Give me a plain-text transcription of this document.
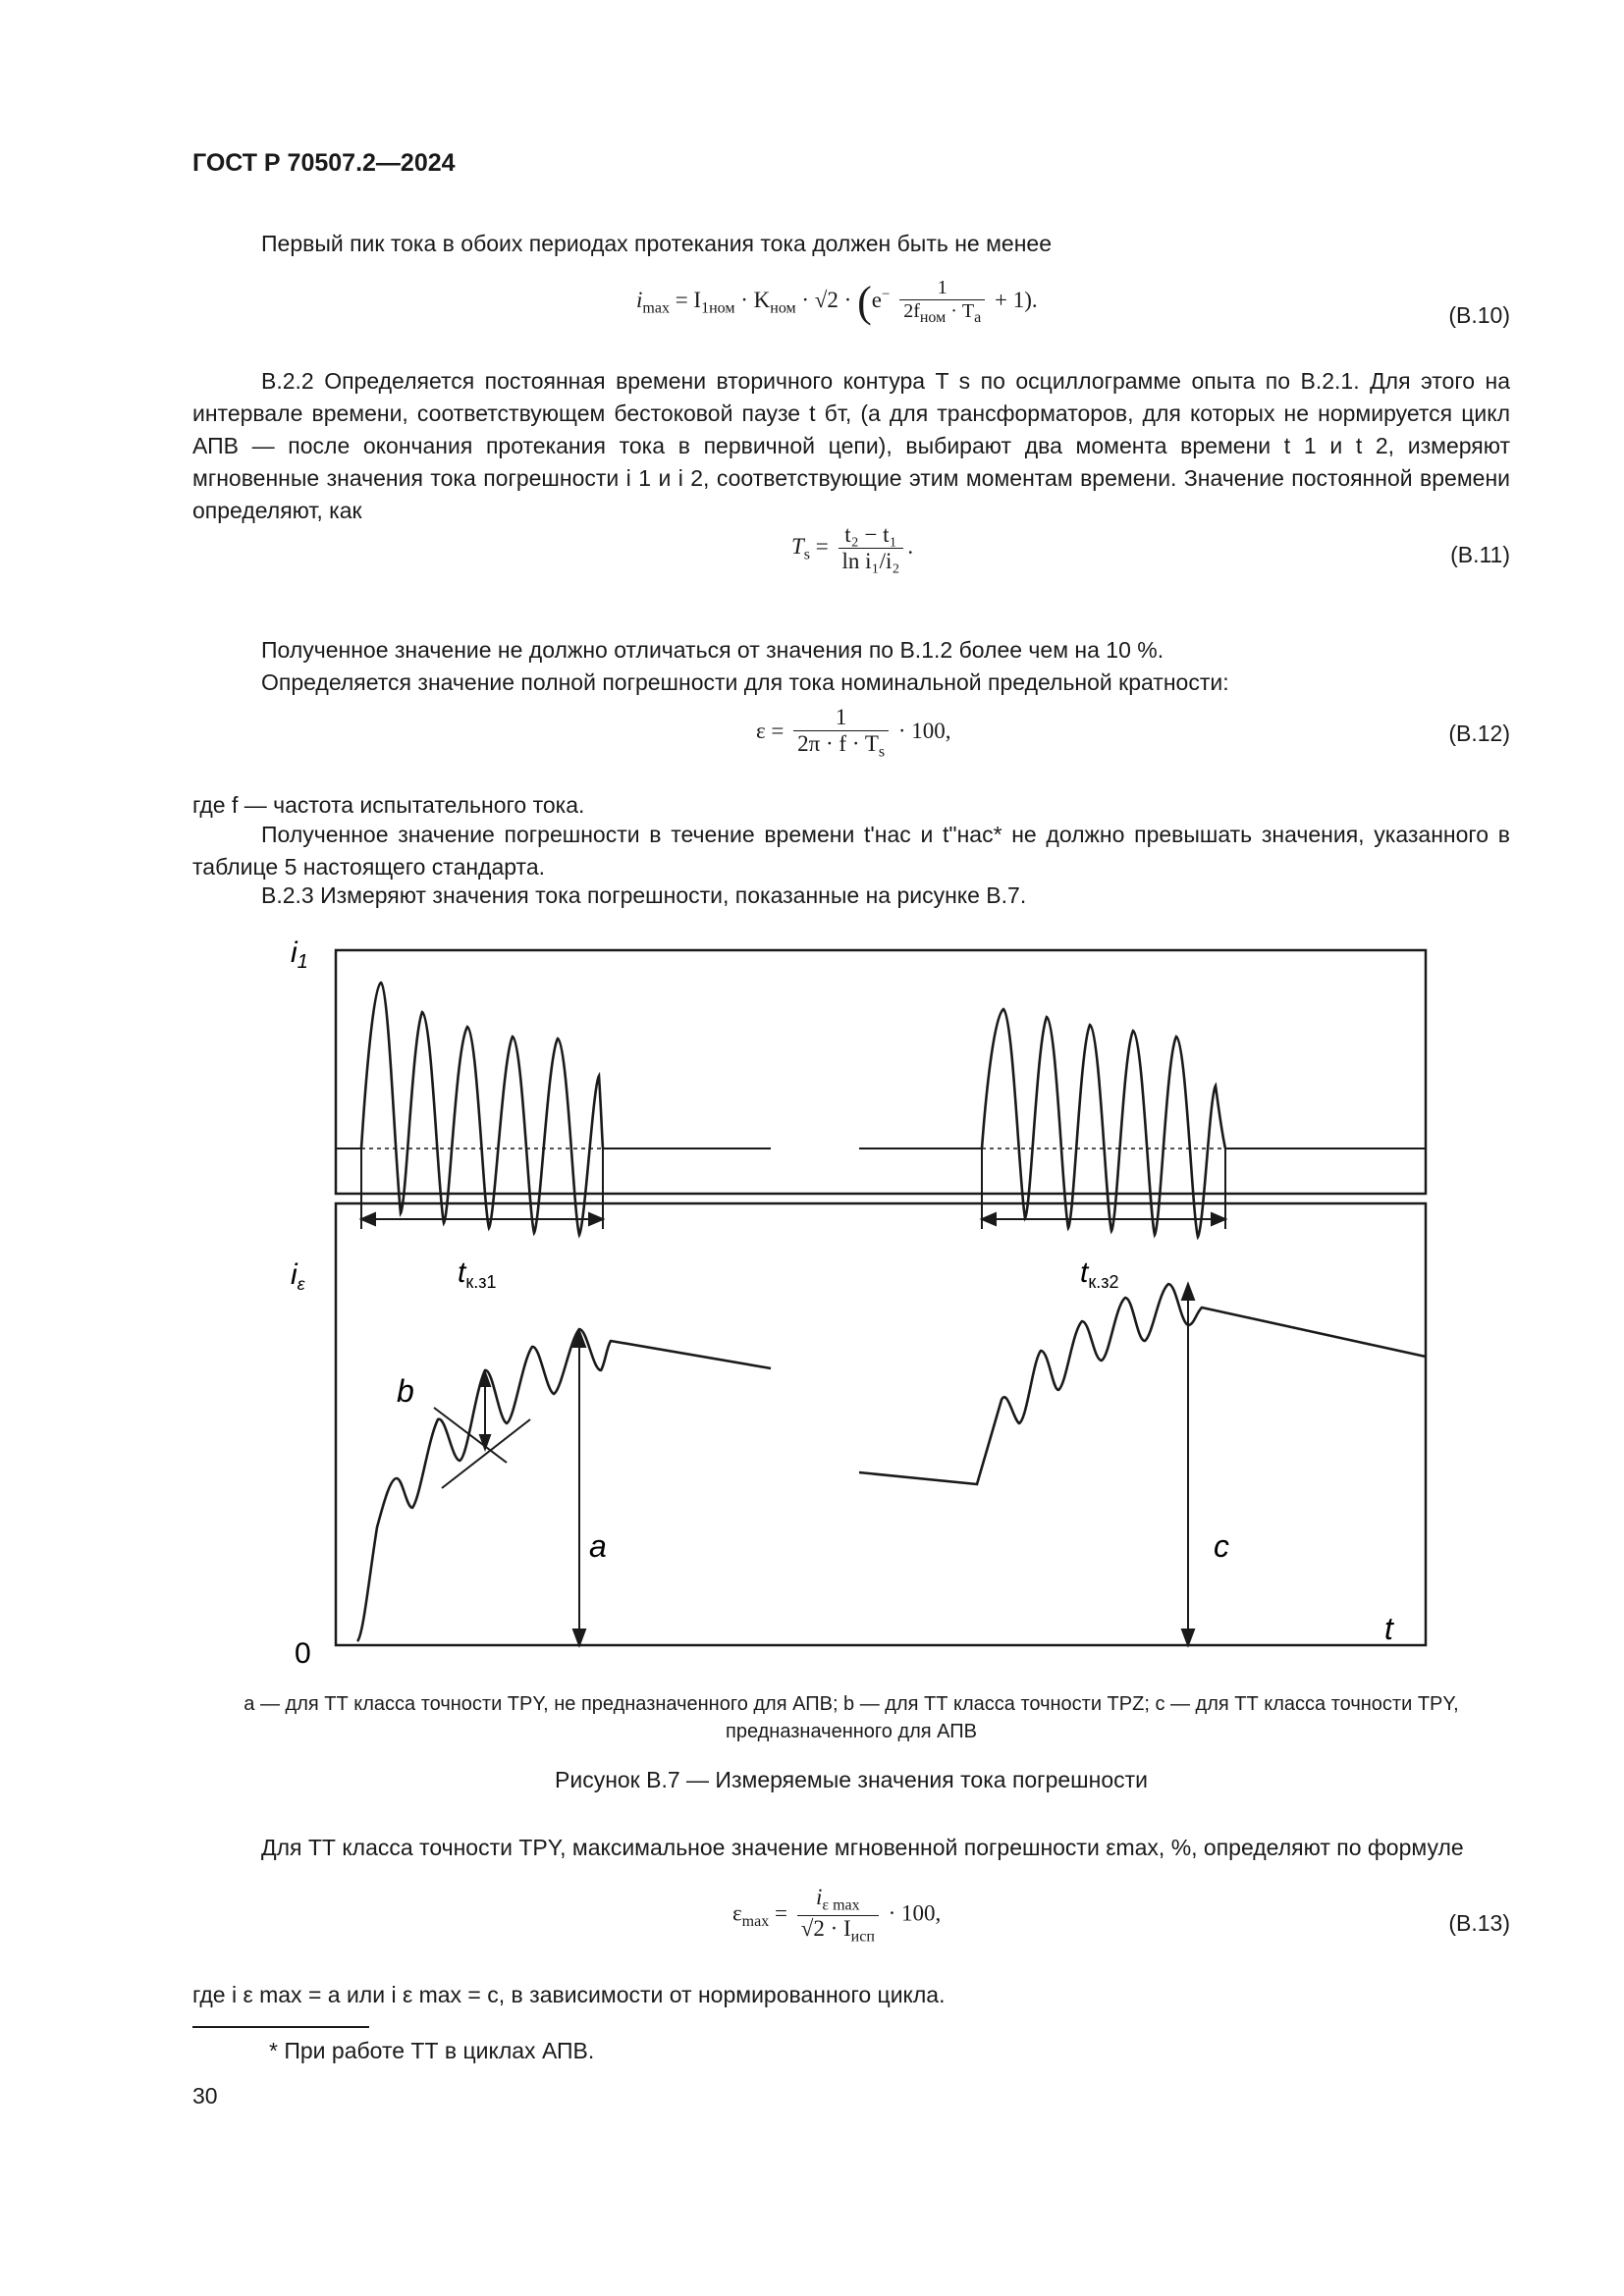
ГОСТ Р 70507.2—2024
Первый пик тока в обоих периодах протекания тока должен быть не менее
$i_{max} = I_{1ном} \cdot K_{ном} \cdot √2 \cdot (e^- \frac{1}{2f_{ном} \cdot T_a} + 1)$.
(В.10)
В.2.2 Определяется постоянная времени вторичного контура T s по осциллограмме опыта по В.2.1. Для этого на интервале времени, соответствующем бестоковой паузе t бт, (а для трансформаторов, для которых не нормируется цикл АПВ — после окончания протекания тока в первичной цепи), выбирают два момента времени t 1 и t 2, измеряют мгновенные значения тока погрешности i 1 и i 2, соответствующие этим моментам времени. Значение постоянной времени определяют, как
$T_s = \frac{\text{t₂ − t₁}}{\text{ln i₁/i₂}}$ .	(В.11)
Полученное значение не должно отличаться от значения по В.1.2 более чем на 10 %.
Определяется значение полной погрешности для тока номинальной предельной кратности:
$\varepsilon = \frac{1}{2\pi \cdot f \cdot T_s} \cdot 100$,	(В.12)
где f — частота испытательного тока.
Полученное значение погрешности в течение времени t'нас и t"нас* не должно превышать значения, указанного в таблице 5 настоящего стандарта.
В.2.3 Измеряют значения тока погрешности, показанные на рисунке В.7.
$i_1$
$i_\varepsilon$	$t_{к.з1}$	$t_{к.з2}$
b
a	c
0
t
a — для ТТ класса точности TPY, не предназначенного для АПВ; b — для ТТ класса точности TPZ; c — для ТТ класса точности TPY, предназначенного для АПВ
Рисунок В.7 — Измеряемые значения тока погрешности
Для ТТ класса точности TPY, максимальное значение мгновенной погрешности εmax, %, определяют по формуле
$\varepsilon_{max} = \frac{i_{\varepsilon max}}{√2 \cdot I_{исп}} \cdot 100$,	(В.13)
где i ε max = a или i ε max = c, в зависимости от нормированного цикла.
* При работе ТТ в циклах АПВ.
30
